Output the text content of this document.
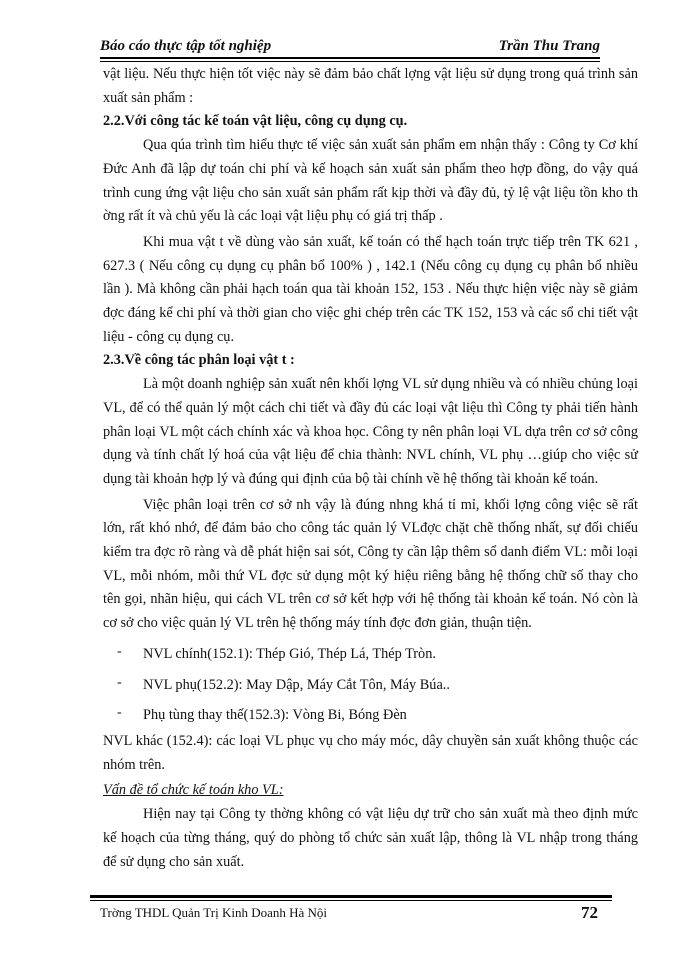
Báo cáo thực tập tốt nghiệp	Trần Thu Trang

vật liệu. Nếu thực hiện tốt việc này sẽ đảm bảo chất lợng vật liệu sử dụng trong quá trình sản xuất sản phẩm :

2.2.Với công tác kế toán vật liệu, công cụ dụng cụ.

Qua qúa trình tìm hiểu thực tế việc sản xuất sản phẩm em nhận thấy : Công ty Cơ khí Đức Anh đã lập dự toán chi phí và kế hoạch sản xuất sản phẩm theo hợp đồng, do vậy quá trình cung ứng vật liệu cho sản xuất sản phẩm rất kịp thời và đầy đủ, tỷ lệ vật liệu tồn kho th ờng rất ít và chủ yếu là các loại vật liệu phụ có giá trị thấp .

Khi mua vật t về dùng vào sản xuất, kế toán có thể hạch toán trực tiếp trên TK 621 , 627.3 ( Nếu công cụ dụng cụ phân bổ 100% ) , 142.1 (Nếu công cụ dụng cụ phân bổ nhiều lần ). Mà không cần phải hạch toán qua tài khoản 152, 153 . Nếu thực hiện việc này sẽ giảm đợc đáng kể chi phí và thời gian cho việc ghi chép trên các TK 152, 153 và các sổ chi tiết vật liệu - công cụ dụng cụ.

2.3.Về công tác phân loại vật t :

Là một doanh nghiệp sản xuất nên khối lợng VL sử dụng nhiều và có nhiều chủng loại VL, để có thể quản lý một cách chi tiết và đầy đủ các loại vật liệu thì Công ty phải tiến hành phân loại VL một cách chính xác và khoa học. Công ty nên phân loại VL dựa trên cơ sở công dụng và tính chất lý hoá của vật liệu để chia thành: NVL chính, VL phụ …giúp cho việc sử dụng tài khoản hợp lý và đúng qui định của bộ tài chính về hệ thống tài khoản kế toán.

Việc phân loại trên cơ sở nh vậy là đúng nhng khá tỉ mỉ, khối lợng công việc sẽ rất lớn, rất khó nhớ, để đảm bảo cho công tác quản lý VLđợc chặt chẽ thống nhất, sự đối chiếu kiểm tra đợc rõ ràng và dễ phát hiện sai sót, Công ty cần lập thêm sổ danh điểm VL: mỗi loại VL, mỗi nhóm, mỗi thứ VL đợc sử dụng một ký hiệu riêng bằng hệ thống chữ số thay cho tên gọi, nhãn hiệu, qui cách VL trên cơ sở kết hợp với hệ thống tài khoản kế toán. Nó còn là cơ sở cho việc quản lý VL trên hệ thống máy tính đợc đơn giản, thuận tiện.

- NVL chính(152.1): Thép Gió, Thép Lá, Thép Tròn.

- NVL phụ(152.2): May Dập, Máy Cắt Tôn, Máy Búa..

- Phụ tùng thay thế(152.3): Vòng Bi, Bóng Đèn

NVL khác (152.4): các loại VL phục vụ cho máy móc, dây chuyền sản xuất không thuộc các nhóm trên.

Vấn đề tổ chức kế toán kho VL:

Hiện nay tại Công ty thờng không có vật liệu dự trữ cho sản xuất mà theo định mức kế hoạch của từng tháng, quý do phòng tổ chức sản xuất lập, thông là VL nhập trong tháng để sử dụng cho sản xuất.

Trờng THDL Quản Trị Kinh Doanh Hà Nội	72
